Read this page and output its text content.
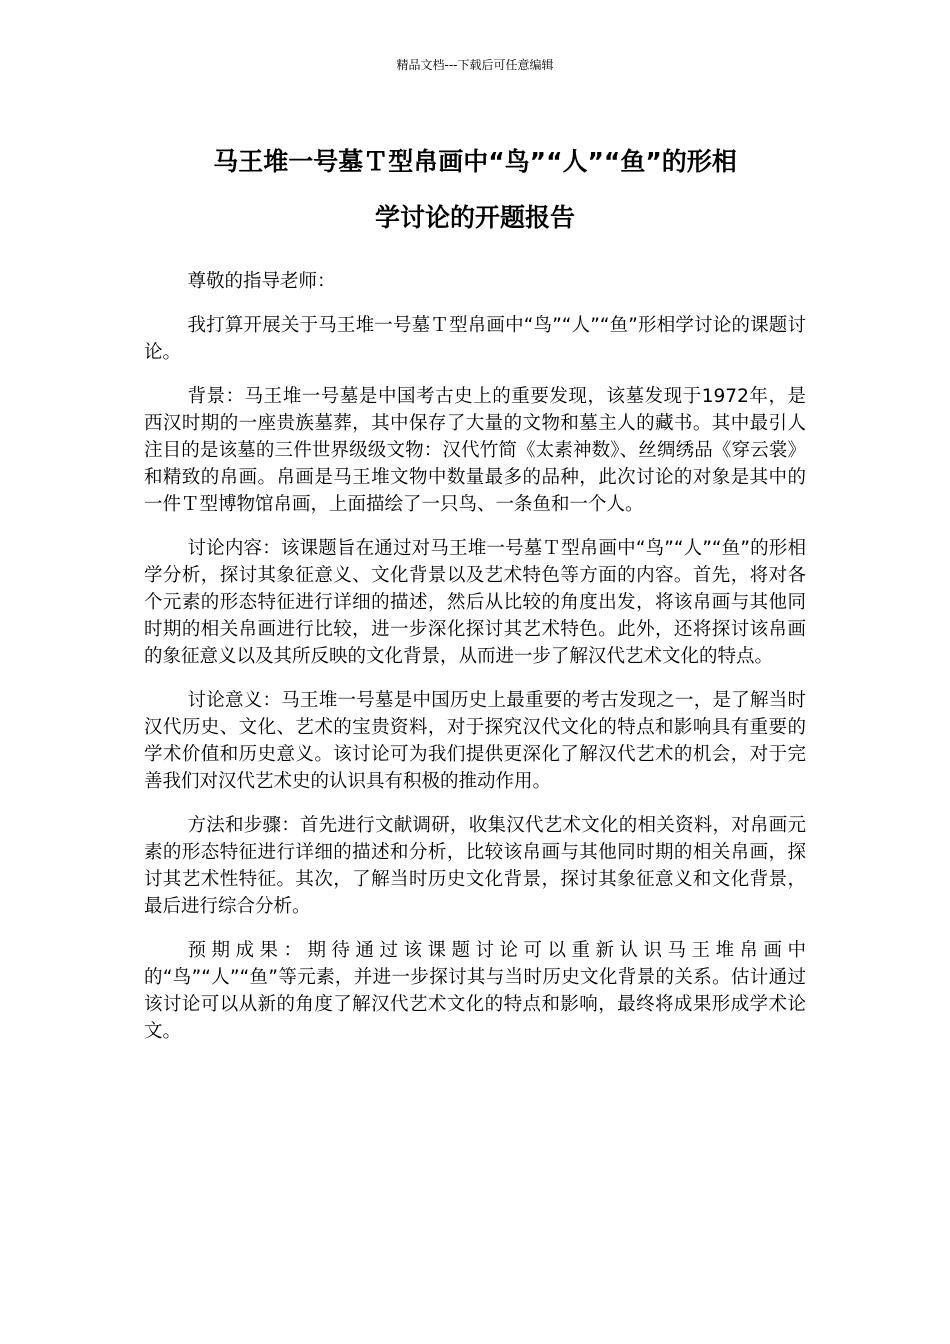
精品文档---下载后可任意编辑
马王堆一号墓Ｔ型帛画中“鸟”“人”“鱼”的形相
学讨论的开题报告

尊敬的指导老师：

我打算开展关于马王堆一号墓Ｔ型帛画中“鸟”“人”“鱼”形相学讨论的课题讨论。

背景：马王堆一号墓是中国考古史上的重要发现，该墓发现于1972年，是西汉时期的一座贵族墓葬，其中保存了大量的文物和墓主人的藏书。其中最引人注目的是该墓的三件世界级级文物：汉代竹简《太素神数》、丝绸绣品《穿云裳》和精致的帛画。帛画是马王堆文物中数量最多的品种，此次讨论的对象是其中的一件Ｔ型博物馆帛画，上面描绘了一只鸟、一条鱼和一个人。

讨论内容：该课题旨在通过对马王堆一号墓Ｔ型帛画中“鸟”“人”“鱼”的形相学分析，探讨其象征意义、文化背景以及艺术特色等方面的内容。首先，将对各个元素的形态特征进行详细的描述，然后从比较的角度出发，将该帛画与其他同时期的相关帛画进行比较，进一步深化探讨其艺术特色。此外，还将探讨该帛画的象征意义以及其所反映的文化背景，从而进一步了解汉代艺术文化的特点。

讨论意义：马王堆一号墓是中国历史上最重要的考古发现之一，是了解当时汉代历史、文化、艺术的宝贵资料，对于探究汉代文化的特点和影响具有重要的学术价值和历史意义。该讨论可为我们提供更深化了解汉代艺术的机会，对于完善我们对汉代艺术史的认识具有积极的推动作用。

方法和步骤：首先进行文献调研，收集汉代艺术文化的相关资料，对帛画元素的形态特征进行详细的描述和分析，比较该帛画与其他同时期的相关帛画，探讨其艺术性特征。其次，了解当时历史文化背景，探讨其象征意义和文化背景，最后进行综合分析。

预期成果：期待通过该课题讨论可以重新认识马王堆帛画中的“鸟”“人”“鱼”等元素，并进一步探讨其与当时历史文化背景的关系。估计通过该讨论可以从新的角度了解汉代艺术文化的特点和影响，最终将成果形成学术论文。
